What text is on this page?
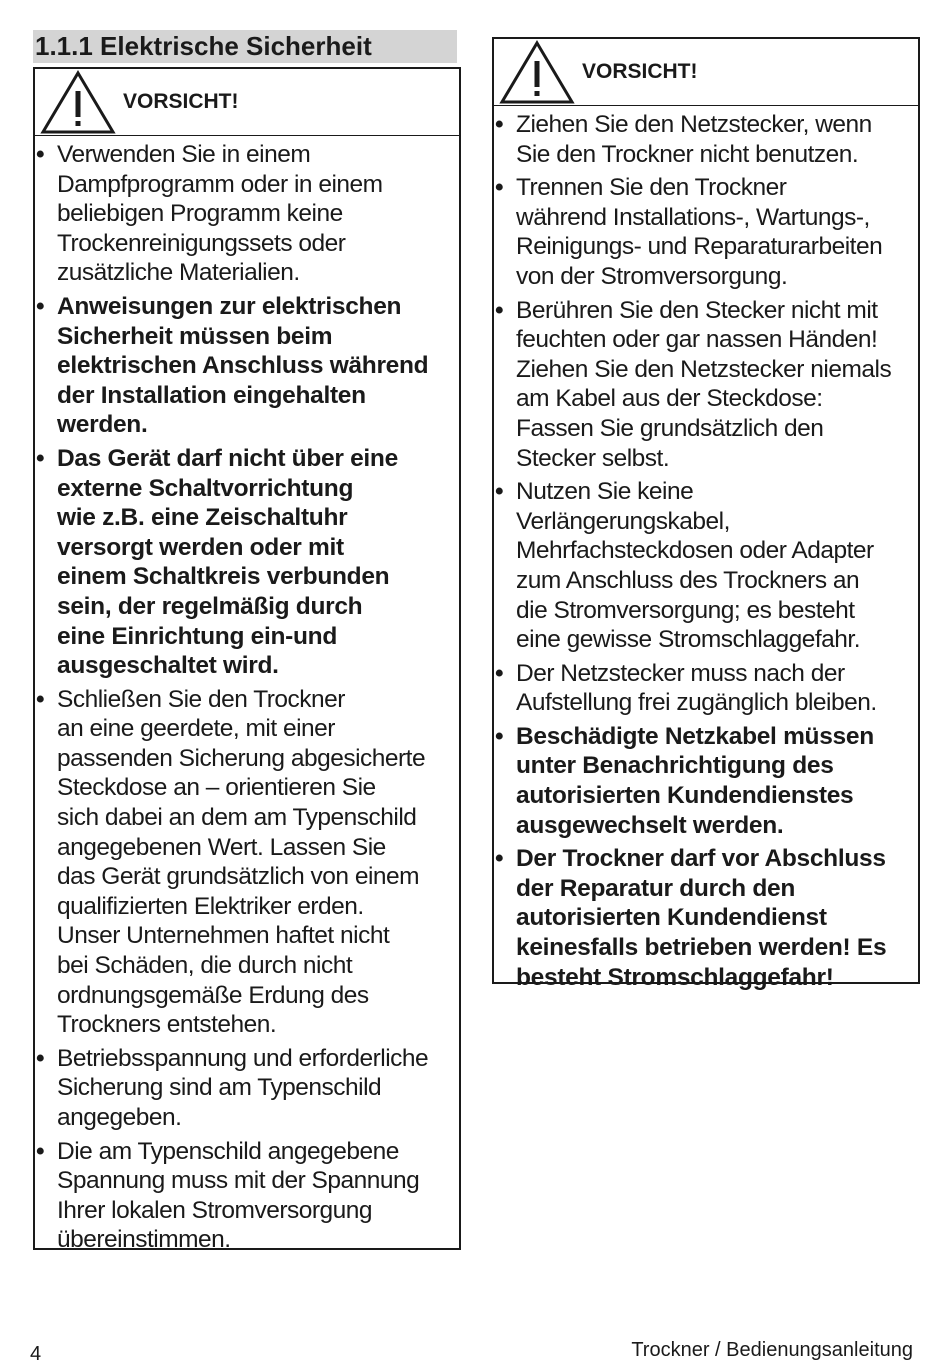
1.1.1 Elektrische Sicherheit
VORSICHT!
• Verwenden Sie in einem
Dampfprogramm oder in einem
beliebigen Programm keine
Trockenreinigungssets oder
zusätzliche Materialien.
• Anweisungen zur elektrischen
Sicherheit müssen beim
elektrischen Anschluss während
der Installation eingehalten
werden.
• Das Gerät darf nicht über eine
externe Schaltvorrichtung
wie z.B. eine Zeischaltuhr
versorgt werden oder mit
einem Schaltkreis verbunden
sein, der regelmäßig durch
eine Einrichtung ein-und
ausgeschaltet wird.
• Schließen Sie den Trockner
an eine geerdete, mit einer
passenden Sicherung abgesicherte
Steckdose an – orientieren Sie
sich dabei an dem am Typenschild
angegebenen Wert. Lassen Sie
das Gerät grundsätzlich von einem
qualifizierten Elektriker erden.
Unser Unternehmen haftet nicht
bei Schäden, die durch nicht
ordnungsgemäße Erdung des
Trockners entstehen.
• Betriebsspannung und erforderliche
Sicherung sind am Typenschild
angegeben.
• Die am Typenschild angegebene
Spannung muss mit der Spannung
Ihrer lokalen Stromversorgung
übereinstimmen.
VORSICHT!
• Ziehen Sie den Netzstecker, wenn
Sie den Trockner nicht benutzen.
• Trennen Sie den Trockner
während Installations-, Wartungs-,
Reinigungs- und Reparaturarbeiten
von der Stromversorgung.
• Berühren Sie den Stecker nicht mit
feuchten oder gar nassen Händen!
Ziehen Sie den Netzstecker niemals
am Kabel aus der Steckdose:
Fassen Sie grundsätzlich den
Stecker selbst.
• Nutzen Sie keine
Verlängerungskabel,
Mehrfachsteckdosen oder Adapter
zum Anschluss des Trockners an
die Stromversorgung; es besteht
eine gewisse Stromschlaggefahr.
• Der Netzstecker muss nach der
Aufstellung frei zugänglich bleiben.
• Beschädigte Netzkabel müssen
unter Benachrichtigung des
autorisierten Kundendienstes
ausgewechselt werden.
• Der Trockner darf vor Abschluss
der Reparatur durch den
autorisierten Kundendienst
keinesfalls betrieben werden! Es
besteht Stromschlaggefahr!
4	Trockner / Bedienungsanleitung
